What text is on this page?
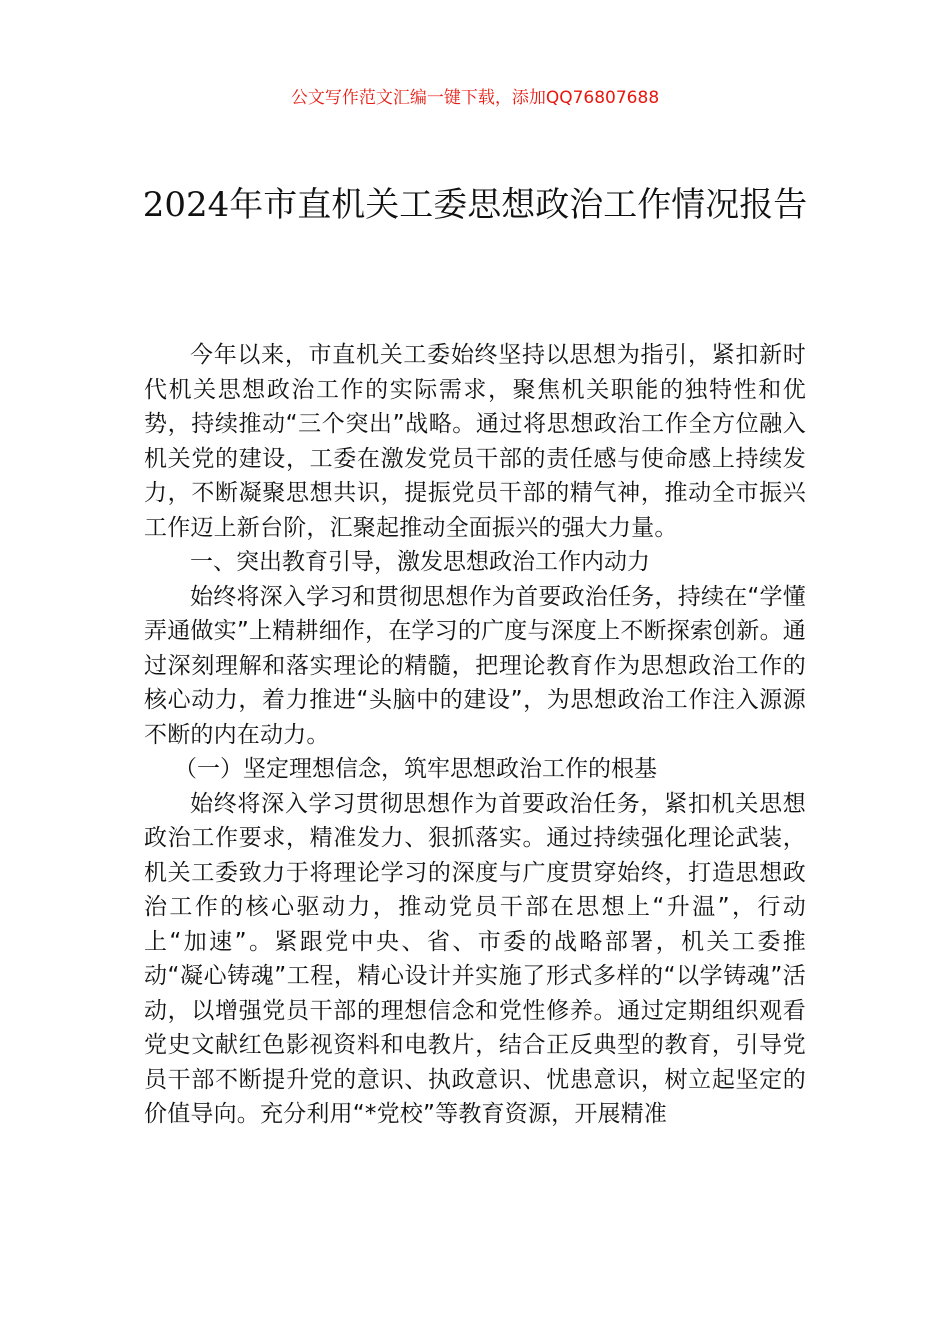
公文写作范文汇编一键下载，添加QQ76807688
2024年市直机关工委思想政治工作情况报告

今年以来，市直机关工委始终坚持以思想为指引，紧扣新时代机关思想政治工作的实际需求，聚焦机关职能的独特性和优势，持续推动“三个突出”战略。通过将思想政治工作全方位融入机关党的建设，工委在激发党员干部的责任感与使命感上持续发力，不断凝聚思想共识，提振党员干部的精气神，推动全市振兴工作迈上新台阶，汇聚起推动全面振兴的强大力量。

一、突出教育引导，激发思想政治工作内动力

始终将深入学习和贯彻思想作为首要政治任务，持续在“学懂弄通做实”上精耕细作，在学习的广度与深度上不断探索创新。通过深刻理解和落实理论的精髓，把理论教育作为思想政治工作的核心动力，着力推进“头脑中的建设”，为思想政治工作注入源源不断的内在动力。

（一）坚定理想信念，筑牢思想政治工作的根基

始终将深入学习贯彻思想作为首要政治任务，紧扣机关思想政治工作要求，精准发力、狠抓落实。通过持续强化理论武装，机关工委致力于将理论学习的深度与广度贯穿始终，打造思想政治工作的核心驱动力，推动党员干部在思想上“升温”，行动上“加速”。紧跟党中央、省、市委的战略部署，机关工委推动“凝心铸魂”工程，精心设计并实施了形式多样的“以学铸魂”活动，以增强党员干部的理想信念和党性修养。通过定期组织观看党史文献红色影视资料和电教片，结合正反典型的教育，引导党员干部不断提升党的意识、执政意识、忧患意识，树立起坚定的价值导向。充分利用“*党校”等教育资源，开展精准
